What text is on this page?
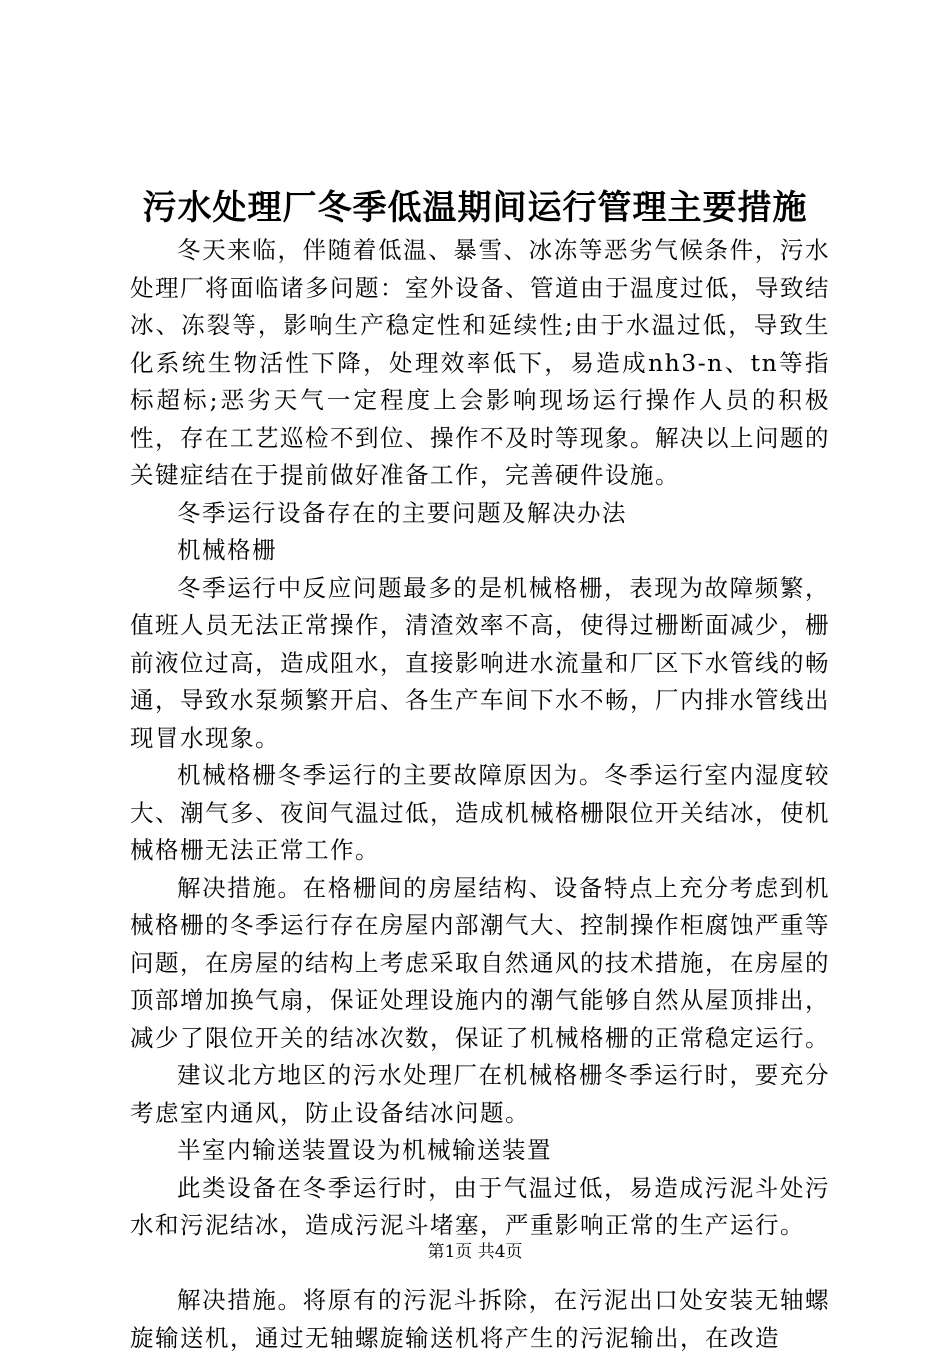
污水处理厂冬季低温期间运行管理主要措施

冬天来临，伴随着低温、暴雪、冰冻等恶劣气候条件，污水处理厂将面临诸多问题：室外设备、管道由于温度过低，导致结冰、冻裂等，影响生产稳定性和延续性;由于水温过低，导致生化系统生物活性下降，处理效率低下，易造成nh3-n、tn等指标超标;恶劣天气一定程度上会影响现场运行操作人员的积极性，存在工艺巡检不到位、操作不及时等现象。解决以上问题的关键症结在于提前做好准备工作，完善硬件设施。

冬季运行设备存在的主要问题及解决办法

机械格栅

冬季运行中反应问题最多的是机械格栅，表现为故障频繁，值班人员无法正常操作，清渣效率不高，使得过栅断面减少，栅前液位过高，造成阻水，直接影响进水流量和厂区下水管线的畅通，导致水泵频繁开启、各生产车间下水不畅，厂内排水管线出现冒水现象。

机械格栅冬季运行的主要故障原因为。冬季运行室内湿度较大、潮气多、夜间气温过低，造成机械格栅限位开关结冰，使机械格栅无法正常工作。

解决措施。在格栅间的房屋结构、设备特点上充分考虑到机械格栅的冬季运行存在房屋内部潮气大、控制操作柜腐蚀严重等问题，在房屋的结构上考虑采取自然通风的技术措施，在房屋的顶部增加换气扇，保证处理设施内的潮气能够自然从屋顶排出，减少了限位开关的结冰次数，保证了机械格栅的正常稳定运行。

建议北方地区的污水处理厂在机械格栅冬季运行时，要充分考虑室内通风，防止设备结冰问题。

半室内输送装置设为机械输送装置

此类设备在冬季运行时，由于气温过低，易造成污泥斗处污水和污泥结冰，造成污泥斗堵塞，严重影响正常的生产运行。

解决措施。将原有的污泥斗拆除，在污泥出口处安装无轴螺旋输送机，通过无轴螺旋输送机将产生的污泥输出，在改造

第1页 共4页
